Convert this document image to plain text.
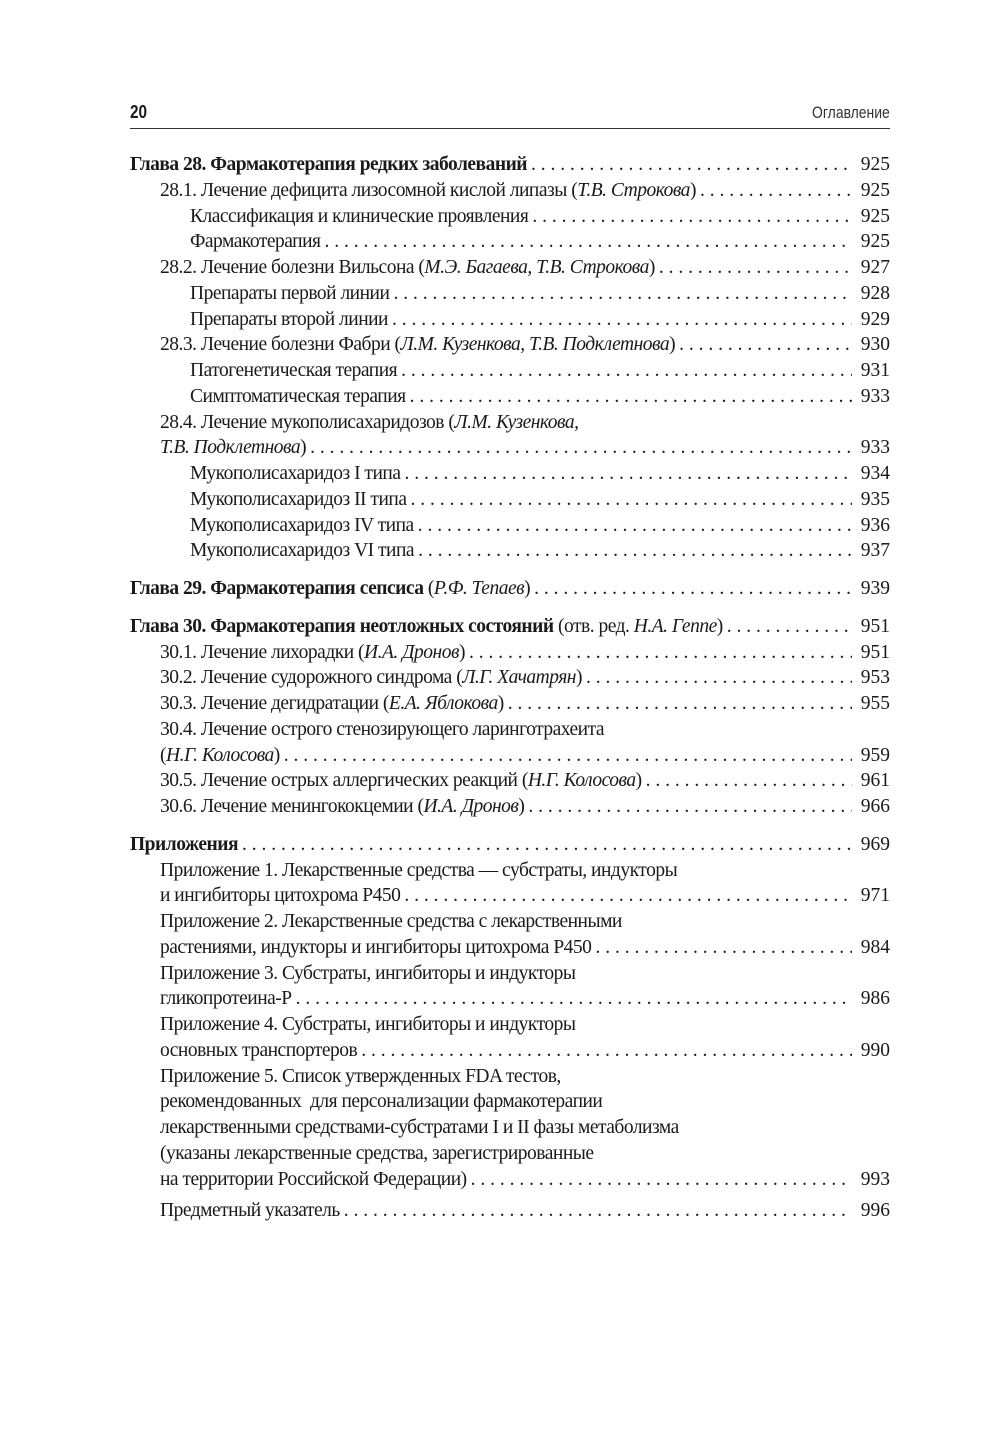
20	Оглавление
Глава 28. Фармакотерапия редких заболеваний . . .	925
28.1. Лечение дефицита лизосомной кислой липазы ( Т.В. Строкова ) . . .	925
Классификация и клинические проявления . . .	925
Фармакотерапия . . .	925
28.2. Лечение болезни Вильсона ( М.Э. Багаева, Т.В. Строкова ) . . .	927
Препараты первой линии . . .	928
Препараты второй линии . . .	929
28.3. Лечение болезни Фабри ( Л.М. Кузенкова, Т.В. Подклетнова ) . . .	930
Патогенетическая терапия . . .	931
Симптоматическая терапия . . .	933
28.4. Лечение мукополисахаридозов ( Л.М. Кузенкова,
Т.В. Подклетнова ) . . .	933
Мукополисахаридоз I типа . . .	934
Мукополисахаридоз II типа . . .	935
Мукополисахаридоз IV типа . . .	936
Мукополисахаридоз VI типа . . .	937
Глава 29. Фармакотерапия сепсиса ( Р.Ф. Тепаев ) . . .	939
Глава 30. Фармакотерапия неотложных состояний (отв. ред. Н.А. Геппе ) . . .	951
30.1. Лечение лихорадки ( И.А. Дронов ) . . .	951
30.2. Лечение судорожного синдрома ( Л.Г. Хачатрян ) . . .	953
30.3. Лечение дегидратации ( Е.А. Яблокова ) . . .	955
30.4. Лечение острого стенозирующего ларинготрахеита
( Н.Г. Колосова ) . . .	959
30.5. Лечение острых аллергических реакций ( Н.Г. Колосова ) . . .	961
30.6. Лечение менингококцемии ( И.А. Дронов ) . . .	966
Приложения . . .	969
Приложение 1. Лекарственные средства — субстраты, индукторы
и ингибиторы цитохрома Р450 . . .	971
Приложение 2. Лекарственные средства с лекарственными
растениями, индукторы и ингибиторы цитохрома Р450 . . .	984
Приложение 3. Субстраты, ингибиторы и индукторы
гликопротеина-Р . . .	986
Приложение 4. Субстраты, ингибиторы и индукторы
основных транспортеров . . .	990
Приложение 5. Список утвержденных FDA тестов,
рекомендованных  для персонализации фармакотерапии
лекарственными средствами-субстратами I и II фазы метаболизма
(указаны лекарственные средства, зарегистрированные
на территории Российской Федерации) . . .	993
Предметный указатель . . .	996
